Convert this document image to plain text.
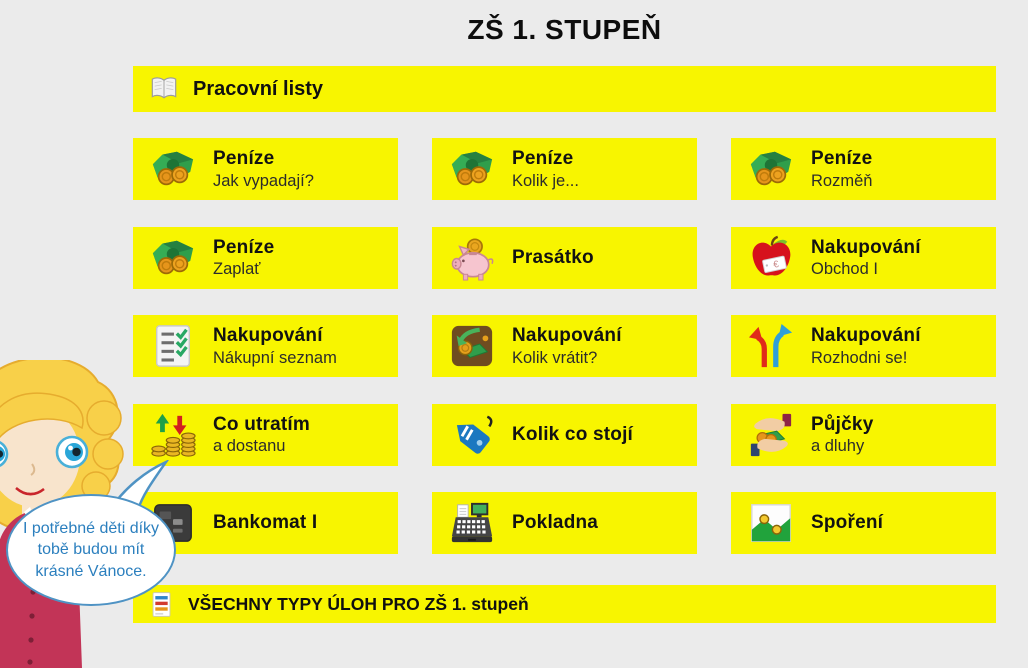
ZŠ 1. STUPEŇ
Pracovní listy
Peníze
Jak vypadají?
Peníze
Kolik je...
Peníze
Rozměň
Peníze
Zaplať
Prasátko	Nakupování
Obchod I
Nakupování
Nákupní seznam
Nakupování
Kolik vrátit?
Nakupování
Rozhodni se!
Co utratím
a dostanu
Kolik co stojí	Půjčky
a dluhy
Bankomat I	Pokladna	Spoření
VŠECHNY TYPY ÚLOH PRO ZŠ 1. stupeň
I potřebné děti díky tobě budou mít krásné Vánoce.
